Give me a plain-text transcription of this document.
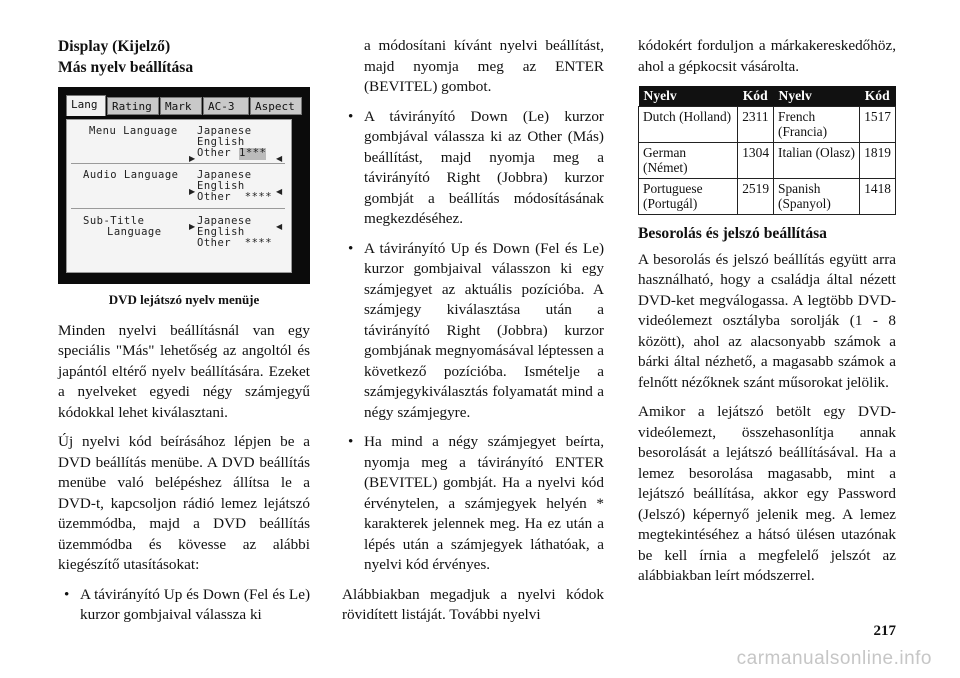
Display (Kijelző)
Más nyelv beállítása
Lang	Rating	Mark	AC-3	Aspect
Menu Language Japanese
English
▶ Other 1*** ◀
Audio Language Japanese
▶ English	◀
Other  ****
Sub-Title
Language	▶ Japanese	◀
English
Other  ****
DVD lejátszó nyelv menüje

Minden nyelvi beállításnál van egy speciális "Más" lehetőség az angoltól és japántól eltérő nyelv beállítására. Ezeket a nyelveket egyedi négy számjegyű kódokkal lehet kiválasztani.

Új nyelvi kód beírásához lépjen be a DVD beállítás menübe. A DVD beállítás menübe való belépéshez állítsa le a DVD-t, kapcsoljon rádió lemez lejátszó üzemmódba, majd a DVD beállítás üzemmódba és kövesse az alábbi kiegészítő utasításokat:

• A távirányító Up és Down (Fel és Le) kurzor gombjaival válassza ki
a módosítani kívánt nyelvi beállítást, majd nyomja meg az ENTER (BEVITEL) gombot.
• A távirányító Down (Le) kurzor gombjával válassza ki az Other (Más) beállítást, majd nyomja meg a távirányító Right (Jobbra) kurzor gombját a beállítás módosításának megkezdéséhez.
• A távirányító Up és Down (Fel és Le) kurzor gombjaival válasszon ki egy számjegyet az aktuális pozícióba. A számjegy kiválasztása után a távirányító Right (Jobbra) kurzor gombjának megnyomásával léptessen a következő pozícióba. Ismételje a számjegykiválasztás folyamatát mind a négy számjegyre.
• Ha mind a négy számjegyet beírta, nyomja meg a távirányító ENTER (BEVITEL) gombját. Ha a nyelvi kód érvénytelen, a számjegyek helyén * karakterek jelennek meg. Ha ez után a lépés után a számjegyek láthatóak, a nyelvi kód érvényes.

Alábbiakban megadjuk a nyelvi kódok rövidített listáját. További nyelvi

kódokért forduljon a márkakereskedőhöz, ahol a gépkocsit vásárolta.

Nyelv	Kód	Nyelv	Kód
Dutch (Holland)	2311	French (Francia)	1517
German (Német)	1304	Italian (Olasz)	1819
Portuguese (Portugál)	2519	Spanish (Spanyol)	1418
Besorolás és jelszó beállítása

A besorolás és jelszó beállítás együtt arra használható, hogy a családja által nézett DVD-ket megválogassa. A legtöbb DVD-videólemezt osztályba sorolják (1 - 8 között), ahol az alacsonyabb számok a bárki által nézhető, a magasabb számok a felnőtt nézőknek szánt műsorokat jelölik.

Amikor a lejátszó betölt egy DVD-videólemezt, összehasonlítja annak besorolását a lejátszó beállításával. Ha a lemez besorolása magasabb, mint a lejátszó beállítása, akkor egy Password (Jelszó) képernyő jelenik meg. A lemez megtekintéséhez a hátsó ülésen utazónak be kell írnia a megfelelő jelszót az alábbiakban leírt módszerrel.

217
carmanualsonline.info
